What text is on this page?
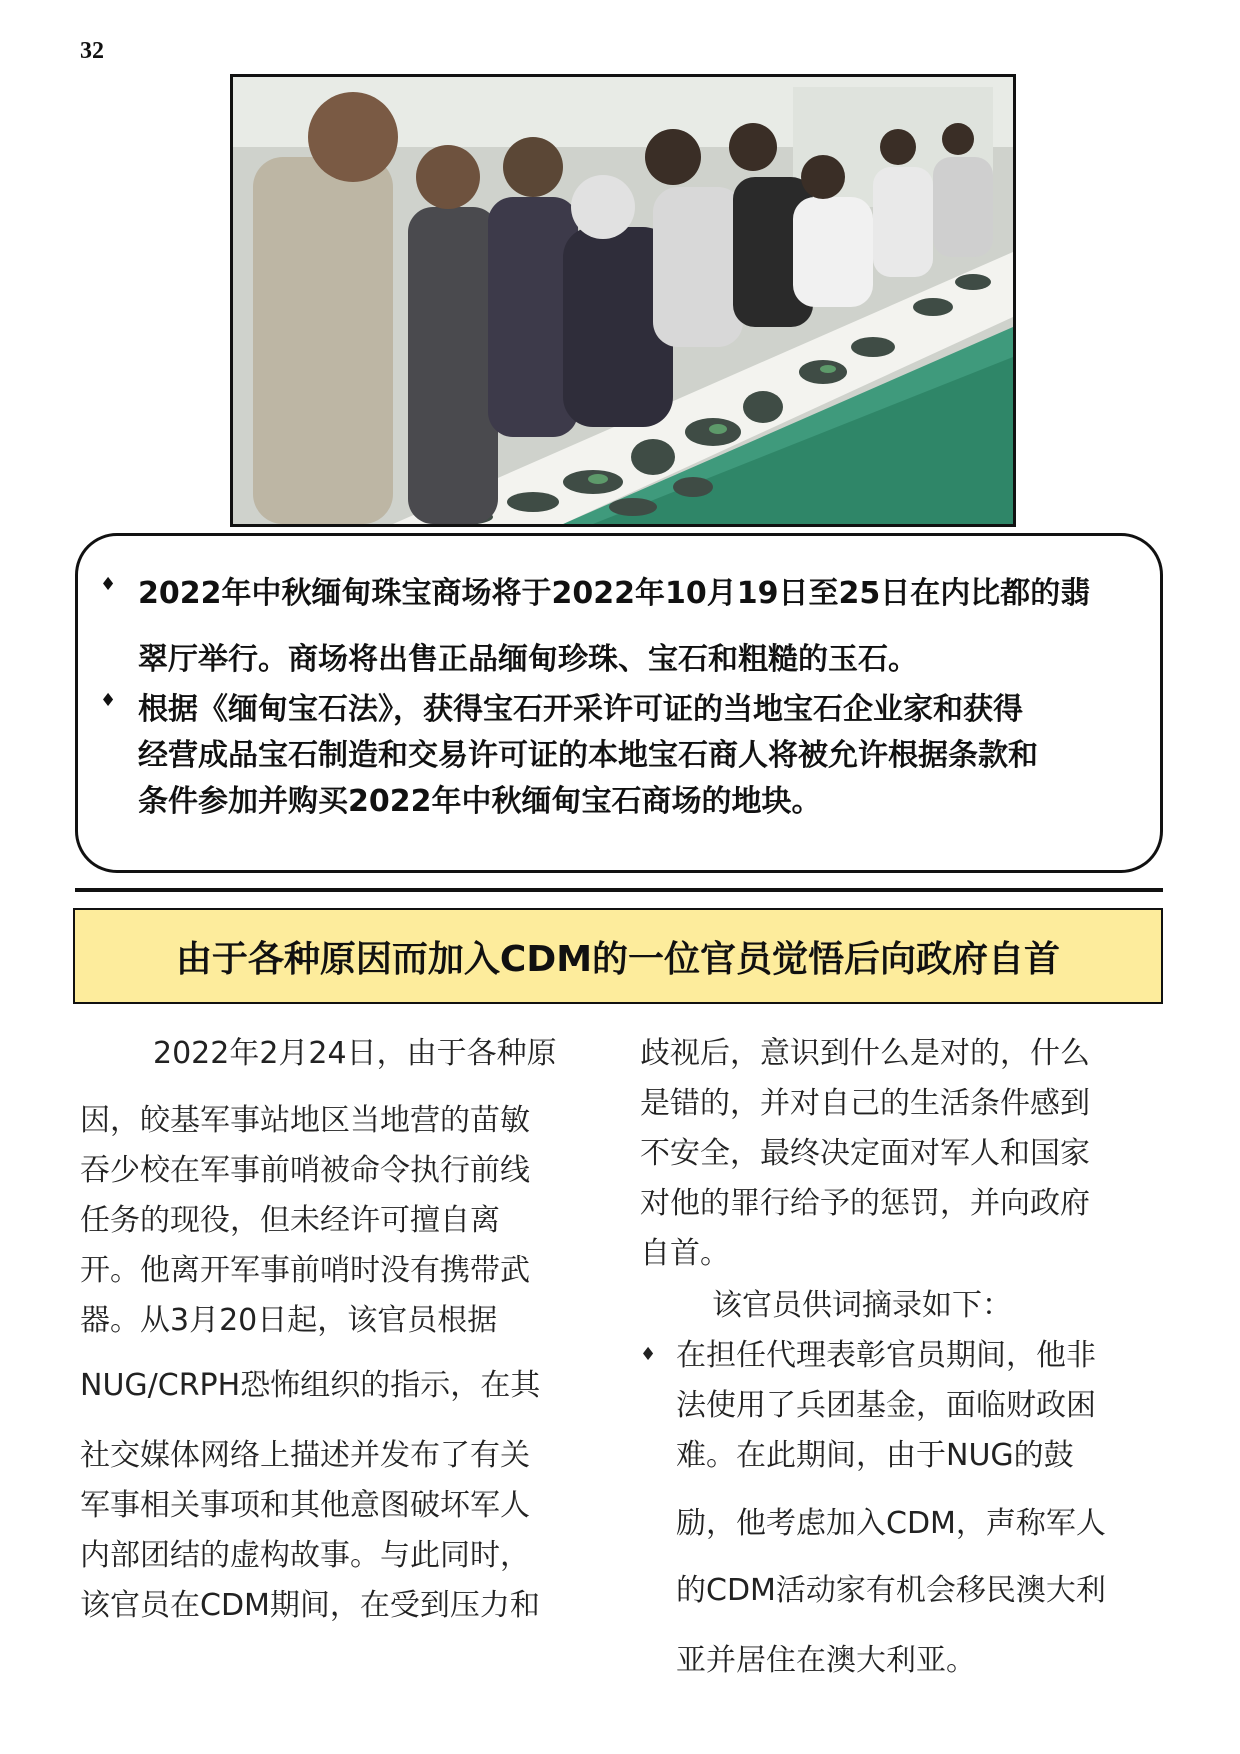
32
♦ 2022年中秋缅甸珠宝商场将于2022年10月19日至25日在内比都的翡
翠厅举行。商场将出售正品缅甸珍珠、宝石和粗糙的玉石。
♦ 根据《缅甸宝石法》，获得宝石开采许可证的当地宝石企业家和获得
经营成品宝石制造和交易许可证的本地宝石商人将被允许根据条款和
条件参加并购买2022年中秋缅甸宝石商场的地块。
由于各种原因而加入CDM的一位官员觉悟后向政府自首
2022年2月24日，由于各种原
因，皎基军事站地区当地营的苗敏
吞少校在军事前哨被命令执行前线
任务的现役，但未经许可擅自离
开。他离开军事前哨时没有携带武
器。从3月20日起，该官员根据
NUG/CRPH恐怖组织的指示，在其
社交媒体网络上描述并发布了有关
军事相关事项和其他意图破坏军人
内部团结的虚构故事。与此同时，
该官员在CDM期间，在受到压力和
歧视后，意识到什么是对的，什么
是错的，并对自己的生活条件感到
不安全，最终决定面对军人和国家
对他的罪行给予的惩罚，并向政府
自首。
该官员供词摘录如下：
♦ 在担任代理表彰官员期间，他非
法使用了兵团基金，面临财政困
难。在此期间，由于NUG的鼓
励，他考虑加入CDM，声称军人
的CDM活动家有机会移民澳大利
亚并居住在澳大利亚。
